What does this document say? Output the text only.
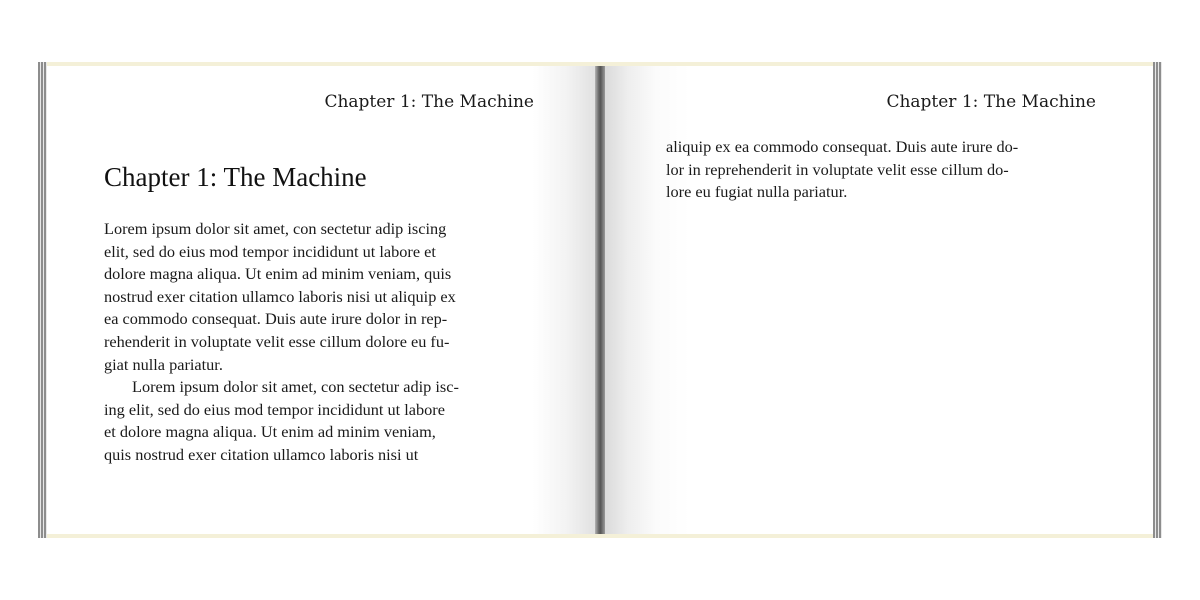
Chapter 1: The Machine
Chapter 1: The Machine
Lorem ipsum dolor sit amet, con sectetur adip iscing
elit, sed do eius mod tempor incididunt ut labore et
dolore magna aliqua. Ut enim ad minim veniam, quis
nostrud exer citation ullamco laboris nisi ut aliquip ex
ea commodo consequat. Duis aute irure dolor in rep-
rehenderit in voluptate velit esse cillum dolore eu fu-
giat nulla pariatur.
Lorem ipsum dolor sit amet, con sectetur adip isc-
ing elit, sed do eius mod tempor incididunt ut labore
et dolore magna aliqua. Ut enim ad minim veniam,
quis nostrud exer citation ullamco laboris nisi ut
Chapter 1: The Machine
aliquip ex ea commodo consequat. Duis aute irure do-
lor in reprehenderit in voluptate velit esse cillum do-
lore eu fugiat nulla pariatur.
